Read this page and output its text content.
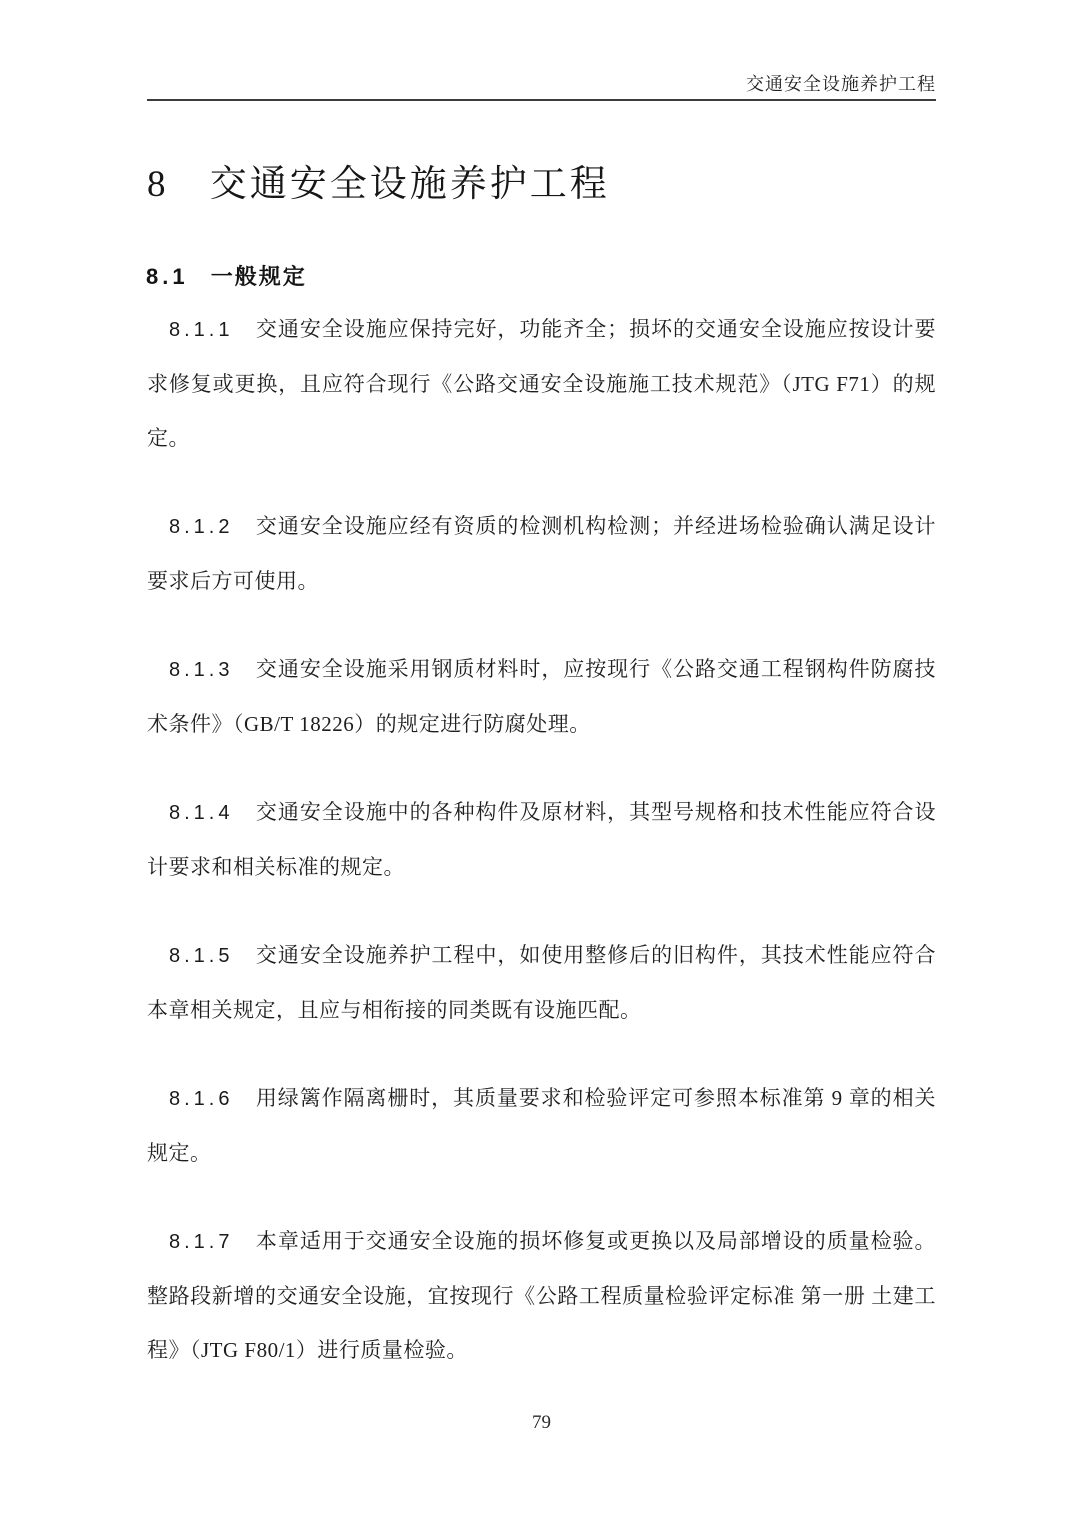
交通安全设施养护工程
8 交通安全设施养护工程
8.1 一般规定

8.1.1 交通安全设施应保持完好，功能齐全；损坏的交通安全设施应按设计要求修复或更换，且应符合现行《公路交通安全设施施工技术规范》（JTG F71）的规定。

8.1.2 交通安全设施应经有资质的检测机构检测；并经进场检验确认满足设计要求后方可使用。

8.1.3 交通安全设施采用钢质材料时，应按现行《公路交通工程钢构件防腐技术条件》（GB/T 18226）的规定进行防腐处理。

8.1.4 交通安全设施中的各种构件及原材料，其型号规格和技术性能应符合设计要求和相关标准的规定。

8.1.5 交通安全设施养护工程中，如使用整修后的旧构件，其技术性能应符合本章相关规定，且应与相衔接的同类既有设施匹配。

8.1.6 用绿篱作隔离栅时，其质量要求和检验评定可参照本标准第 9 章的相关规定。

8.1.7 本章适用于交通安全设施的损坏修复或更换以及局部增设的质量检验。整路段新增的交通安全设施，宜按现行《公路工程质量检验评定标准 第一册 土建工程》（JTG F80/1）进行质量检验。

79
